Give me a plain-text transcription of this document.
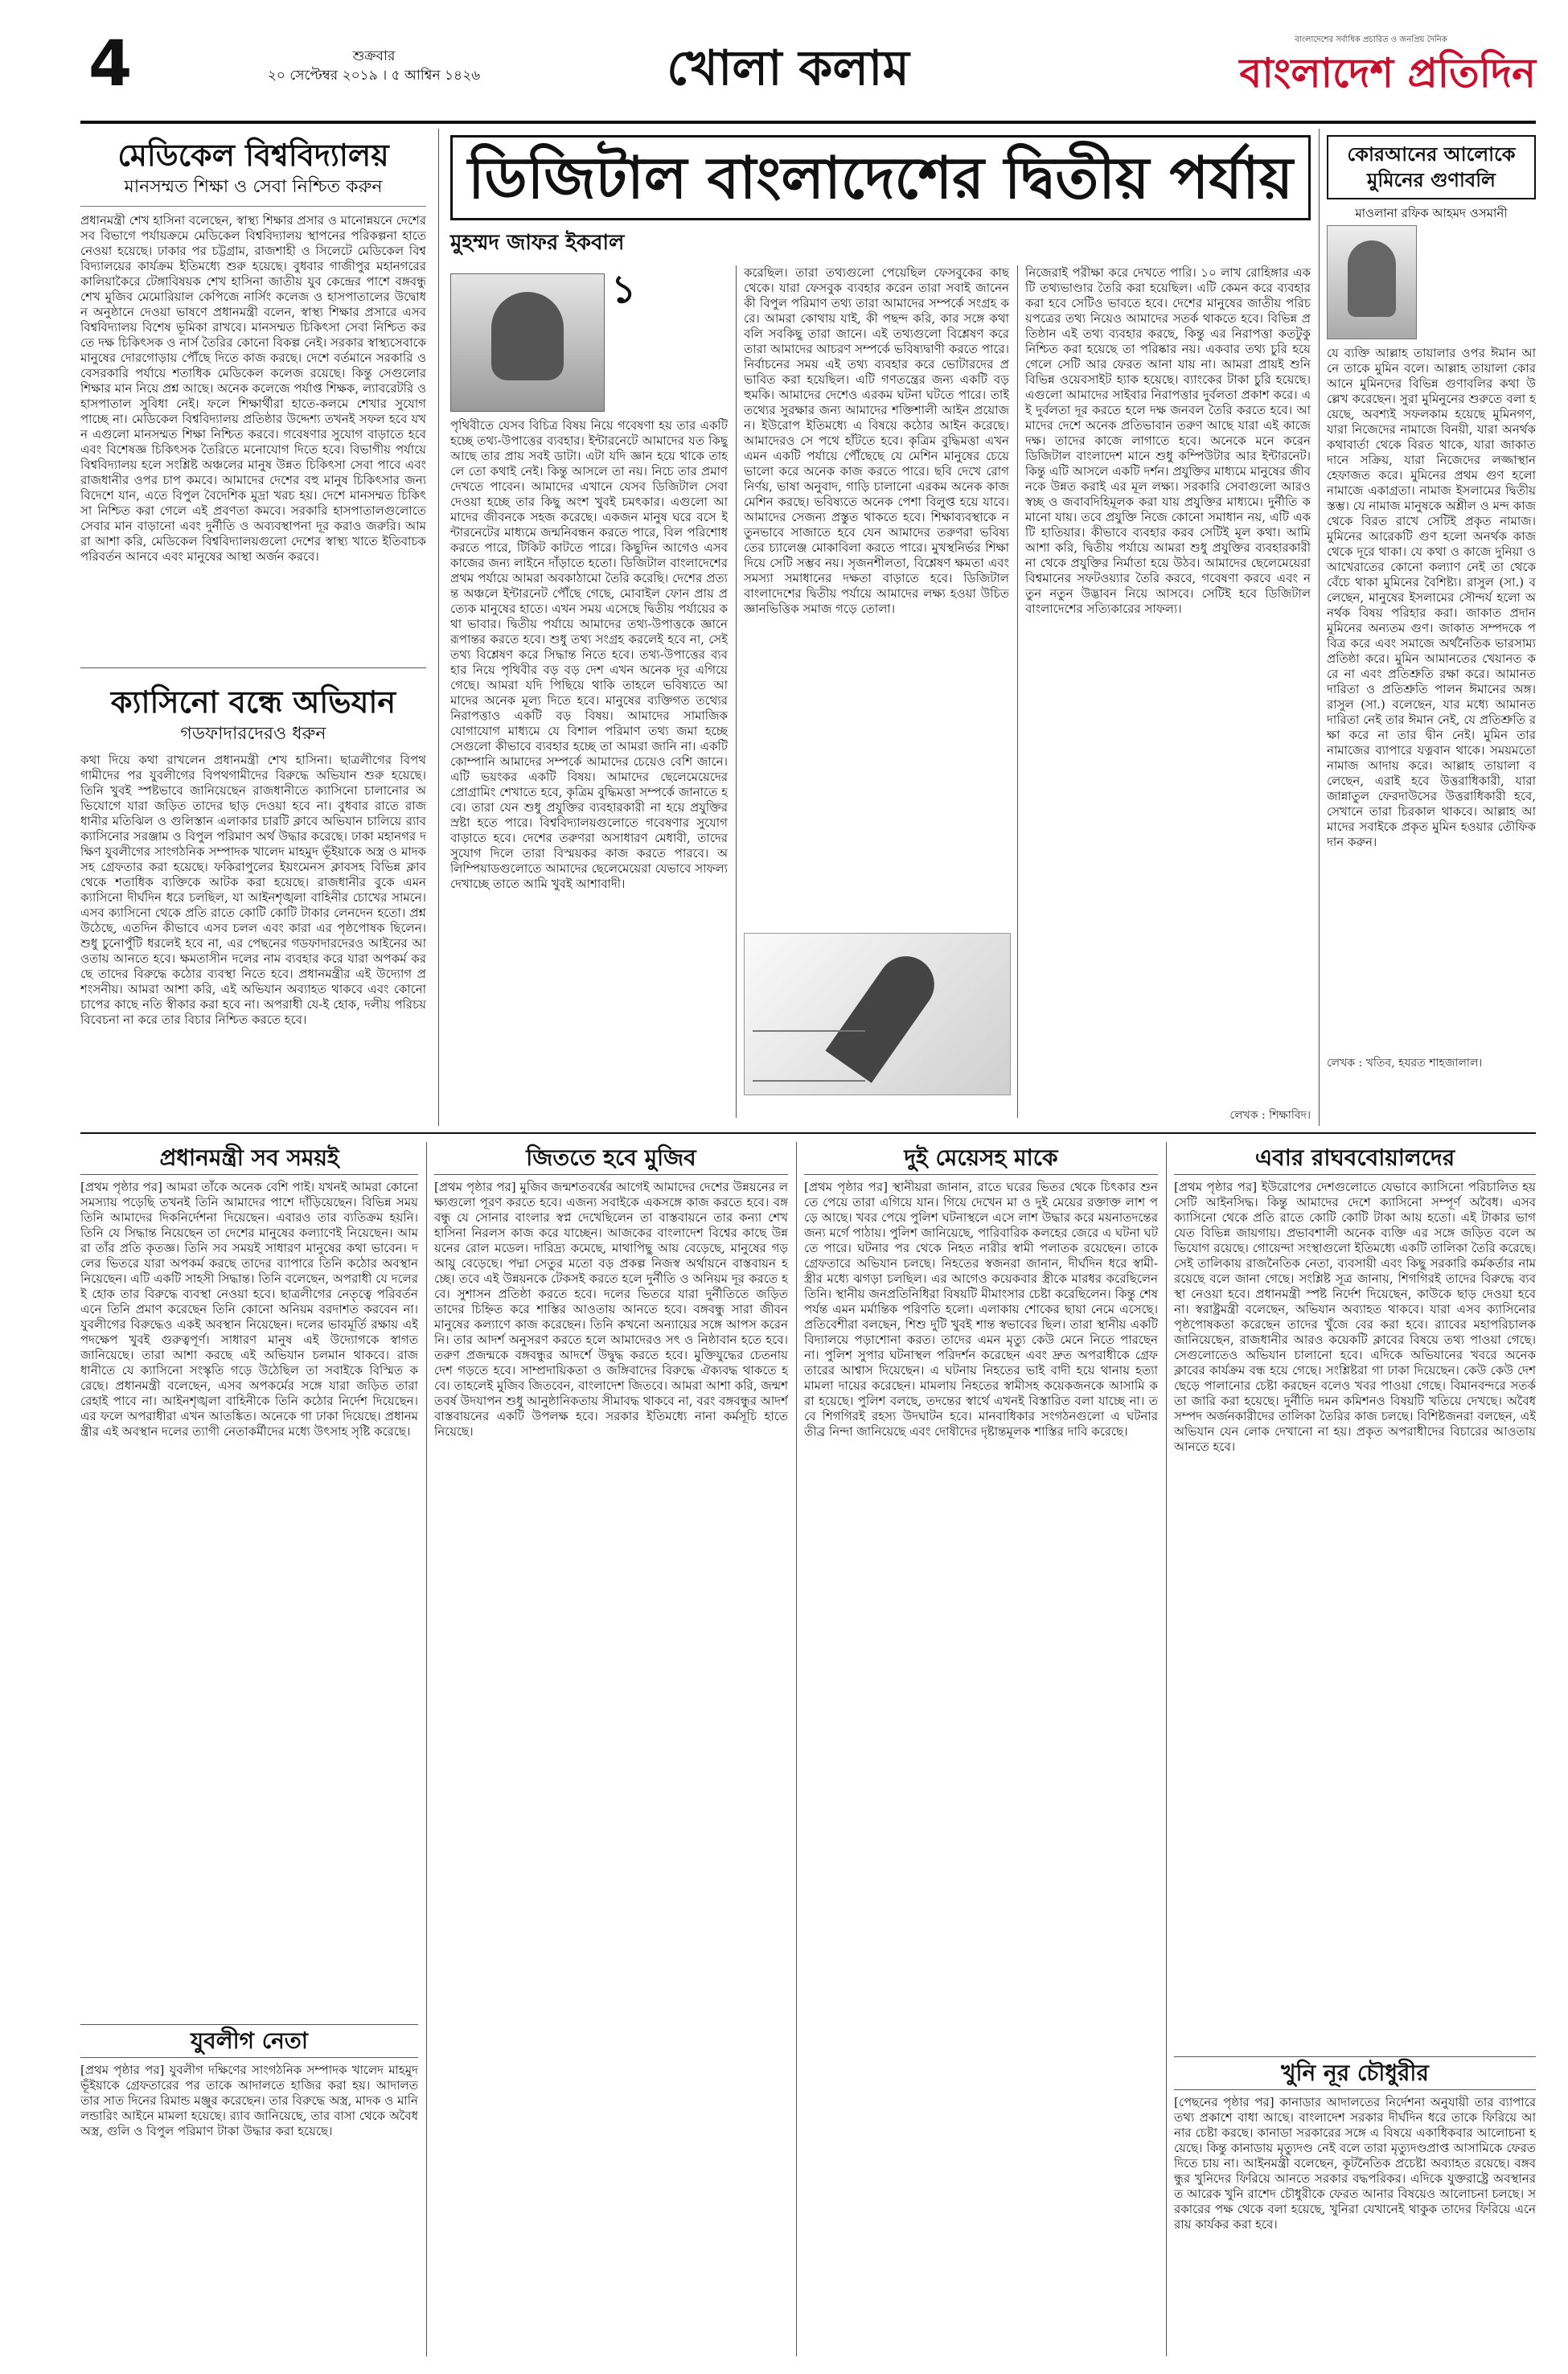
4	শুক্রবার
২০ সেপ্টেম্বর ২০১৯ । ৫ আশ্বিন ১৪২৬	খোলা কলাম
বাংলাদেশের সর্বাধিক প্রচারিত ও জনপ্রিয় দৈনিক
বাংলাদেশ প্রতিদিন
মেডিকেল বিশ্ববিদ্যালয়
মানসম্মত শিক্ষা ও সেবা নিশ্চিত করুন
প্রধানমন্ত্রী শেখ হাসিনা বলেছেন, স্বাস্থ্য শিক্ষার প্রসার ও মানোন্নয়নে দেশের সব বিভাগে পর্যায়ক্রমে মেডিকেল বিশ্ববিদ্যালয় স্থাপনের পরিকল্পনা হাতে নেওয়া হয়েছে। ঢাকার পর চট্টগ্রাম, রাজশাহী ও সিলেটে মেডিকেল বিশ্ববিদ্যালয়ের কার্যক্রম ইতিমধ্যে শুরু হয়েছে। বুধবার গাজীপুর মহানগরের কালিয়াকৈরে টেঙ্গাবিষয়ক শেখ হাসিনা জাতীয় যুব কেন্দ্রের পাশে বঙ্গবন্ধু শেখ মুজিব মেমোরিয়াল কেপিজে নার্সিং কলেজ ও হাসপাতালের উদ্বোধন অনুষ্ঠানে দেওয়া ভাষণে প্রধানমন্ত্রী বলেন, স্বাস্থ্য শিক্ষার প্রসারে এসব বিশ্ববিদ্যালয় বিশেষ ভূমিকা রাখবে। মানসম্মত চিকিৎসা সেবা নিশ্চিত করতে দক্ষ চিকিৎসক ও নার্স তৈরির কোনো বিকল্প নেই। সরকার স্বাস্থ্যসেবাকে মানুষের দোরগোড়ায় পৌঁছে দিতে কাজ করছে। দেশে বর্তমানে সরকারি ও বেসরকারি পর্যায়ে শতাধিক মেডিকেল কলেজ রয়েছে। কিন্তু সেগুলোর শিক্ষার মান নিয়ে প্রশ্ন আছে। অনেক কলেজে পর্যাপ্ত শিক্ষক, ল্যাবরেটরি ও হাসপাতাল সুবিধা নেই। ফলে শিক্ষার্থীরা হাতে-কলমে শেখার সুযোগ পাচ্ছে না। মেডিকেল বিশ্ববিদ্যালয় প্রতিষ্ঠার উদ্দেশ্য তখনই সফল হবে যখন এগুলো মানসম্মত শিক্ষা নিশ্চিত করবে। গবেষণার সুযোগ বাড়াতে হবে এবং বিশেষজ্ঞ চিকিৎসক তৈরিতে মনোযোগ দিতে হবে। বিভাগীয় পর্যায়ে বিশ্ববিদ্যালয় হলে সংশ্লিষ্ট অঞ্চলের মানুষ উন্নত চিকিৎসা সেবা পাবে এবং রাজধানীর ওপর চাপ কমবে। আমাদের দেশের বহু মানুষ চিকিৎসার জন্য বিদেশে যান, এতে বিপুল বৈদেশিক মুদ্রা খরচ হয়। দেশে মানসম্মত চিকিৎসা নিশ্চিত করা গেলে এই প্রবণতা কমবে। সরকারি হাসপাতালগুলোতে সেবার মান বাড়ানো এবং দুর্নীতি ও অব্যবস্থাপনা দূর করাও জরুরি। আমরা আশা করি, মেডিকেল বিশ্ববিদ্যালয়গুলো দেশের স্বাস্থ্য খাতে ইতিবাচক পরিবর্তন আনবে এবং মানুষের আস্থা অর্জন করবে।
ক্যাসিনো বন্ধে অভিযান
গডফাদারদেরও ধরুন
কথা দিয়ে কথা রাখলেন প্রধানমন্ত্রী শেখ হাসিনা। ছাত্রলীগের বিপথগামীদের পর যুবলীগের বিপথগামীদের বিরুদ্ধে অভিযান শুরু হয়েছে। তিনি খুবই স্পষ্টভাবে জানিয়েছেন রাজধানীতে ক্যাসিনো চালানোর অভিযোগে যারা জড়িত তাদের ছাড় দেওয়া হবে না। বুধবার রাতে রাজধানীর মতিঝিল ও গুলিস্তান এলাকার চারটি ক্লাবে অভিযান চালিয়ে র‍্যাব ক্যাসিনোর সরঞ্জাম ও বিপুল পরিমাণ অর্থ উদ্ধার করেছে। ঢাকা মহানগর দক্ষিণ যুবলীগের সাংগঠনিক সম্পাদক খালেদ মাহমুদ ভূঁইয়াকে অস্ত্র ও মাদকসহ গ্রেফতার করা হয়েছে। ফকিরাপুলের ইয়ংমেনস ক্লাবসহ বিভিন্ন ক্লাব থেকে শতাধিক ব্যক্তিকে আটক করা হয়েছে। রাজধানীর বুকে এমন ক্যাসিনো দীর্ঘদিন ধরে চলছিল, যা আইনশৃঙ্খলা বাহিনীর চোখের সামনে। এসব ক্যাসিনো থেকে প্রতি রাতে কোটি কোটি টাকার লেনদেন হতো। প্রশ্ন উঠেছে, এতদিন কীভাবে এসব চলল এবং কারা এর পৃষ্ঠপোষক ছিলেন। শুধু চুনোপুঁটি ধরলেই হবে না, এর পেছনের গডফাদারদেরও আইনের আওতায় আনতে হবে। ক্ষমতাসীন দলের নাম ব্যবহার করে যারা অপকর্ম করছে তাদের বিরুদ্ধে কঠোর ব্যবস্থা নিতে হবে। প্রধানমন্ত্রীর এই উদ্যোগ প্রশংসনীয়। আমরা আশা করি, এই অভিযান অব্যাহত থাকবে এবং কোনো চাপের কাছে নতি স্বীকার করা হবে না। অপরাধী যে-ই হোক, দলীয় পরিচয় বিবেচনা না করে তার বিচার নিশ্চিত করতে হবে।
ডিজিটাল বাংলাদেশের দ্বিতীয় পর্যায়
মুহম্মদ জাফর ইকবাল
১
পৃথিবীতে যেসব বিচিত্র বিষয় নিয়ে গবেষণা হয় তার একটি হচ্ছে তথ্য-উপাত্তের ব্যবহার। ইন্টারনেটে আমাদের যত কিছু আছে তার প্রায় সবই ডাটা। এটা যদি জ্ঞান হয়ে থাকে তাহলে তো কথাই নেই। কিন্তু আসলে তা নয়। নিচে তার প্রমাণ দেখতে পাবেন। আমাদের এখানে যেসব ডিজিটাল সেবা দেওয়া হচ্ছে তার কিছু অংশ খুবই চমৎকার। এগুলো আমাদের জীবনকে সহজ করেছে। একজন মানুষ ঘরে বসে ইন্টারনেটের মাধ্যমে জন্মনিবন্ধন করতে পারে, বিল পরিশোধ করতে পারে, টিকিট কাটতে পারে। কিছুদিন আগেও এসব কাজের জন্য লাইনে দাঁড়াতে হতো। ডিজিটাল বাংলাদেশের প্রথম পর্যায়ে আমরা অবকাঠামো তৈরি করেছি। দেশের প্রত্যন্ত অঞ্চলে ইন্টারনেট পৌঁছে গেছে, মোবাইল ফোন প্রায় প্রত্যেক মানুষের হাতে। এখন সময় এসেছে দ্বিতীয় পর্যায়ের কথা ভাবার। দ্বিতীয় পর্যায়ে আমাদের তথ্য-উপাত্তকে জ্ঞানে রূপান্তর করতে হবে। শুধু তথ্য সংগ্রহ করলেই হবে না, সেই তথ্য বিশ্লেষণ করে সিদ্ধান্ত নিতে হবে। তথ্য-উপাত্তের ব্যবহার নিয়ে পৃথিবীর বড় বড় দেশ এখন অনেক দূর এগিয়ে গেছে। আমরা যদি পিছিয়ে থাকি তাহলে ভবিষ্যতে আমাদের অনেক মূল্য দিতে হবে। মানুষের ব্যক্তিগত তথ্যের নিরাপত্তাও একটি বড় বিষয়। আমাদের সামাজিক যোগাযোগ মাধ্যমে যে বিশাল পরিমাণ তথ্য জমা হচ্ছে সেগুলো কীভাবে ব্যবহার হচ্ছে তা আমরা জানি না। একটি কোম্পানি আমাদের সম্পর্কে আমাদের চেয়েও বেশি জানে। এটি ভয়ংকর একটি বিষয়। আমাদের ছেলেমেয়েদের প্রোগ্রামিং শেখাতে হবে, কৃত্রিম বুদ্ধিমত্তা সম্পর্কে জানাতে হবে। তারা যেন শুধু প্রযুক্তির ব্যবহারকারী না হয়ে প্রযুক্তির স্রষ্টা হতে পারে। বিশ্ববিদ্যালয়গুলোতে গবেষণার সুযোগ বাড়াতে হবে। দেশের তরুণরা অসাধারণ মেধাবী, তাদের সুযোগ দিলে তারা বিস্ময়কর কাজ করতে পারবে। অলিম্পিয়াডগুলোতে আমাদের ছেলেমেয়েরা যেভাবে সাফল্য দেখাচ্ছে তাতে আমি খুবই আশাবাদী।
করেছিল। তারা তথ্যগুলো পেয়েছিল ফেসবুকের কাছ থেকে। যারা ফেসবুক ব্যবহার করেন তারা সবাই জানেন কী বিপুল পরিমাণ তথ্য তারা আমাদের সম্পর্কে সংগ্রহ করে। আমরা কোথায় যাই, কী পছন্দ করি, কার সঙ্গে কথা বলি সবকিছু তারা জানে। এই তথ্যগুলো বিশ্লেষণ করে তারা আমাদের আচরণ সম্পর্কে ভবিষ্যদ্বাণী করতে পারে। নির্বাচনের সময় এই তথ্য ব্যবহার করে ভোটারদের প্রভাবিত করা হয়েছিল। এটি গণতন্ত্রের জন্য একটি বড় হুমকি। আমাদের দেশেও এরকম ঘটনা ঘটতে পারে। তাই তথ্যের সুরক্ষার জন্য আমাদের শক্তিশালী আইন প্রয়োজন। ইউরোপ ইতিমধ্যে এ বিষয়ে কঠোর আইন করেছে। আমাদেরও সে পথে হাঁটতে হবে। কৃত্রিম বুদ্ধিমত্তা এখন এমন একটি পর্যায়ে পৌঁছেছে যে মেশিন মানুষের চেয়ে ভালো করে অনেক কাজ করতে পারে। ছবি দেখে রোগ নির্ণয়, ভাষা অনুবাদ, গাড়ি চালানো এরকম অনেক কাজ মেশিন করছে। ভবিষ্যতে অনেক পেশা বিলুপ্ত হয়ে যাবে। আমাদের সেজন্য প্রস্তুত থাকতে হবে। শিক্ষাব্যবস্থাকে নতুনভাবে সাজাতে হবে যেন আমাদের তরুণরা ভবিষ্যতের চ্যালেঞ্জ মোকাবিলা করতে পারে। মুখস্থনির্ভর শিক্ষা দিয়ে সেটি সম্ভব নয়। সৃজনশীলতা, বিশ্লেষণ ক্ষমতা এবং সমস্যা সমাধানের দক্ষতা বাড়াতে হবে। ডিজিটাল বাংলাদেশের দ্বিতীয় পর্যায়ে আমাদের লক্ষ্য হওয়া উচিত জ্ঞানভিত্তিক সমাজ গড়ে তোলা।
নিজেরাই পরীক্ষা করে দেখতে পারি। ১০ লাখ রোহিঙ্গার একটি তথ্যভাণ্ডার তৈরি করা হয়েছিল। এটি কেমন করে ব্যবহার করা হবে সেটিও ভাবতে হবে। দেশের মানুষের জাতীয় পরিচয়পত্রের তথ্য নিয়েও আমাদের সতর্ক থাকতে হবে। বিভিন্ন প্রতিষ্ঠান এই তথ্য ব্যবহার করছে, কিন্তু এর নিরাপত্তা কতটুকু নিশ্চিত করা হয়েছে তা পরিষ্কার নয়। একবার তথ্য চুরি হয়ে গেলে সেটি আর ফেরত আনা যায় না। আমরা প্রায়ই শুনি বিভিন্ন ওয়েবসাইট হ্যাক হয়েছে। ব্যাংকের টাকা চুরি হয়েছে। এগুলো আমাদের সাইবার নিরাপত্তার দুর্বলতা প্রকাশ করে। এই দুর্বলতা দূর করতে হলে দক্ষ জনবল তৈরি করতে হবে। আমাদের দেশে অনেক প্রতিভাবান তরুণ আছে যারা এই কাজে দক্ষ। তাদের কাজে লাগাতে হবে। অনেকে মনে করেন ডিজিটাল বাংলাদেশ মানে শুধু কম্পিউটার আর ইন্টারনেট। কিন্তু এটি আসলে একটি দর্শন। প্রযুক্তির মাধ্যমে মানুষের জীবনকে উন্নত করাই এর মূল লক্ষ্য। সরকারি সেবাগুলো আরও স্বচ্ছ ও জবাবদিহিমূলক করা যায় প্রযুক্তির মাধ্যমে। দুর্নীতি কমানো যায়। তবে প্রযুক্তি নিজে কোনো সমাধান নয়, এটি একটি হাতিয়ার। কীভাবে ব্যবহার করব সেটিই মূল কথা। আমি আশা করি, দ্বিতীয় পর্যায়ে আমরা শুধু প্রযুক্তির ব্যবহারকারী না থেকে প্রযুক্তির নির্মাতা হয়ে উঠব। আমাদের ছেলেমেয়েরা বিশ্বমানের সফটওয়্যার তৈরি করবে, গবেষণা করবে এবং নতুন নতুন উদ্ভাবন নিয়ে আসবে। সেটিই হবে ডিজিটাল বাংলাদেশের সত্যিকারের সাফল্য।
লেখক : শিক্ষাবিদ।
কোরআনের আলোকে মুমিনের গুণাবলি
মাওলানা রফিক আহমদ ওসমানী
যে ব্যক্তি আল্লাহ তায়ালার ওপর ঈমান আনে তাকে মুমিন বলে। আল্লাহ তায়ালা কোরআনে মুমিনদের বিভিন্ন গুণাবলির কথা উল্লেখ করেছেন। সুরা মুমিনুনের শুরুতে বলা হয়েছে, অবশ্যই সফলকাম হয়েছে মুমিনগণ, যারা নিজেদের নামাজে বিনয়ী, যারা অনর্থক কথাবার্তা থেকে বিরত থাকে, যারা জাকাত দানে সক্রিয়, যারা নিজেদের লজ্জাস্থান হেফাজত করে। মুমিনের প্রথম গুণ হলো নামাজে একাগ্রতা। নামাজ ইসলামের দ্বিতীয় স্তম্ভ। যে নামাজ মানুষকে অশ্লীল ও মন্দ কাজ থেকে বিরত রাখে সেটিই প্রকৃত নামাজ। মুমিনের আরেকটি গুণ হলো অনর্থক কাজ থেকে দূরে থাকা। যে কথা ও কাজে দুনিয়া ও আখেরাতের কোনো কল্যাণ নেই তা থেকে বেঁচে থাকা মুমিনের বৈশিষ্ট্য। রাসুল (সা.) বলেছেন, মানুষের ইসলামের সৌন্দর্য হলো অনর্থক বিষয় পরিহার করা। জাকাত প্রদান মুমিনের অন্যতম গুণ। জাকাত সম্পদকে পবিত্র করে এবং সমাজে অর্থনৈতিক ভারসাম্য প্রতিষ্ঠা করে। মুমিন আমানতের খেয়ানত করে না এবং প্রতিশ্রুতি রক্ষা করে। আমানতদারিতা ও প্রতিশ্রুতি পালন ঈমানের অঙ্গ। রাসুল (সা.) বলেছেন, যার মধ্যে আমানতদারিতা নেই তার ঈমান নেই, যে প্রতিশ্রুতি রক্ষা করে না তার দ্বীন নেই। মুমিন তার নামাজের ব্যাপারে যত্নবান থাকে। সময়মতো নামাজ আদায় করে। আল্লাহ তায়ালা বলেছেন, এরাই হবে উত্তরাধিকারী, যারা জান্নাতুল ফেরদাউসের উত্তরাধিকারী হবে, সেখানে তারা চিরকাল থাকবে। আল্লাহ আমাদের সবাইকে প্রকৃত মুমিন হওয়ার তৌফিক দান করুন।
লেখক : খতিব, হযরত শাহজালাল।
প্রধানমন্ত্রী সব সময়ই
[প্রথম পৃষ্ঠার পর] আমরা তাঁকে অনেক বেশি পাই। যখনই আমরা কোনো সমস্যায় পড়েছি তখনই তিনি আমাদের পাশে দাঁড়িয়েছেন। বিভিন্ন সময় তিনি আমাদের দিকনির্দেশনা দিয়েছেন। এবারও তার ব্যতিক্রম হয়নি। তিনি যে সিদ্ধান্ত নিয়েছেন তা দেশের মানুষের কল্যাণেই নিয়েছেন। আমরা তাঁর প্রতি কৃতজ্ঞ। তিনি সব সময়ই সাধারণ মানুষের কথা ভাবেন। দলের ভিতরে যারা অপকর্ম করছে তাদের ব্যাপারে তিনি কঠোর অবস্থান নিয়েছেন। এটি একটি সাহসী সিদ্ধান্ত। তিনি বলেছেন, অপরাধী যে দলেরই হোক তার বিরুদ্ধে ব্যবস্থা নেওয়া হবে। ছাত্রলীগের নেতৃত্বে পরিবর্তন এনে তিনি প্রমাণ করেছেন তিনি কোনো অনিয়ম বরদাশত করবেন না। যুবলীগের বিরুদ্ধেও একই অবস্থান নিয়েছেন। দলের ভাবমূর্তি রক্ষায় এই পদক্ষেপ খুবই গুরুত্বপূর্ণ। সাধারণ মানুষ এই উদ্যোগকে স্বাগত জানিয়েছে। তারা আশা করছে এই অভিযান চলমান থাকবে। রাজধানীতে যে ক্যাসিনো সংস্কৃতি গড়ে উঠেছিল তা সবাইকে বিস্মিত করেছে। প্রধানমন্ত্রী বলেছেন, এসব অপকর্মের সঙ্গে যারা জড়িত তারা রেহাই পাবে না। আইনশৃঙ্খলা বাহিনীকে তিনি কঠোর নির্দেশ দিয়েছেন। এর ফলে অপরাধীরা এখন আতঙ্কিত। অনেকে গা ঢাকা দিয়েছে। প্রধানমন্ত্রীর এই অবস্থান দলের ত্যাগী নেতাকর্মীদের মধ্যে উৎসাহ সৃষ্টি করেছে।
যুবলীগ নেতা
[প্রথম পৃষ্ঠার পর] যুবলীগ দক্ষিণের সাংগঠনিক সম্পাদক খালেদ মাহমুদ ভূঁইয়াকে গ্রেফতারের পর তাকে আদালতে হাজির করা হয়। আদালত তার সাত দিনের রিমান্ড মঞ্জুর করেছেন। তার বিরুদ্ধে অস্ত্র, মাদক ও মানি লন্ডারিং আইনে মামলা হয়েছে। র‍্যাব জানিয়েছে, তার বাসা থেকে অবৈধ অস্ত্র, গুলি ও বিপুল পরিমাণ টাকা উদ্ধার করা হয়েছে।
জিততে হবে মুজিব
[প্রথম পৃষ্ঠার পর] মুজিব জন্মশতবর্ষের আগেই আমাদের দেশের উন্নয়নের লক্ষ্যগুলো পূরণ করতে হবে। এজন্য সবাইকে একসঙ্গে কাজ করতে হবে। বঙ্গবন্ধু যে সোনার বাংলার স্বপ্ন দেখেছিলেন তা বাস্তবায়নে তার কন্যা শেখ হাসিনা নিরলস কাজ করে যাচ্ছেন। আজকের বাংলাদেশ বিশ্বের কাছে উন্নয়নের রোল মডেল। দারিদ্র্য কমেছে, মাথাপিছু আয় বেড়েছে, মানুষের গড় আয়ু বেড়েছে। পদ্মা সেতুর মতো বড় প্রকল্প নিজস্ব অর্থায়নে বাস্তবায়ন হচ্ছে। তবে এই উন্নয়নকে টেকসই করতে হলে দুর্নীতি ও অনিয়ম দূর করতে হবে। সুশাসন প্রতিষ্ঠা করতে হবে। দলের ভিতরে যারা দুর্নীতিতে জড়িত তাদের চিহ্নিত করে শাস্তির আওতায় আনতে হবে। বঙ্গবন্ধু সারা জীবন মানুষের কল্যাণে কাজ করেছেন। তিনি কখনো অন্যায়ের সঙ্গে আপস করেননি। তার আদর্শ অনুসরণ করতে হলে আমাদেরও সৎ ও নিষ্ঠাবান হতে হবে। তরুণ প্রজন্মকে বঙ্গবন্ধুর আদর্শে উদ্বুদ্ধ করতে হবে। মুক্তিযুদ্ধের চেতনায় দেশ গড়তে হবে। সাম্প্রদায়িকতা ও জঙ্গিবাদের বিরুদ্ধে ঐক্যবদ্ধ থাকতে হবে। তাহলেই মুজিব জিতবেন, বাংলাদেশ জিতবে। আমরা আশা করি, জন্মশতবর্ষ উদযাপন শুধু আনুষ্ঠানিকতায় সীমাবদ্ধ থাকবে না, বরং বঙ্গবন্ধুর আদর্শ বাস্তবায়নের একটি উপলক্ষ হবে। সরকার ইতিমধ্যে নানা কর্মসূচি হাতে নিয়েছে।
দুই মেয়েসহ মাকে
[প্রথম পৃষ্ঠার পর] স্থানীয়রা জানান, রাতে ঘরের ভিতর থেকে চিৎকার শুনতে পেয়ে তারা এগিয়ে যান। গিয়ে দেখেন মা ও দুই মেয়ের রক্তাক্ত লাশ পড়ে আছে। খবর পেয়ে পুলিশ ঘটনাস্থলে এসে লাশ উদ্ধার করে ময়নাতদন্তের জন্য মর্গে পাঠায়। পুলিশ জানিয়েছে, পারিবারিক কলহের জেরে এ ঘটনা ঘটতে পারে। ঘটনার পর থেকে নিহত নারীর স্বামী পলাতক রয়েছেন। তাকে গ্রেফতারে অভিযান চলছে। নিহতের স্বজনরা জানান, দীর্ঘদিন ধরে স্বামী-স্ত্রীর মধ্যে ঝগড়া চলছিল। এর আগেও কয়েকবার স্ত্রীকে মারধর করেছিলেন তিনি। স্থানীয় জনপ্রতিনিধিরা বিষয়টি মীমাংসার চেষ্টা করেছিলেন। কিন্তু শেষ পর্যন্ত এমন মর্মান্তিক পরিণতি হলো। এলাকায় শোকের ছায়া নেমে এসেছে। প্রতিবেশীরা বলছেন, শিশু দুটি খুবই শান্ত স্বভাবের ছিল। তারা স্থানীয় একটি বিদ্যালয়ে পড়াশোনা করত। তাদের এমন মৃত্যু কেউ মেনে নিতে পারছেন না। পুলিশ সুপার ঘটনাস্থল পরিদর্শন করেছেন এবং দ্রুত অপরাধীকে গ্রেফতারের আশ্বাস দিয়েছেন। এ ঘটনায় নিহতের ভাই বাদী হয়ে থানায় হত্যা মামলা দায়ের করেছেন। মামলায় নিহতের স্বামীসহ কয়েকজনকে আসামি করা হয়েছে। পুলিশ বলছে, তদন্তের স্বার্থে এখনই বিস্তারিত বলা যাচ্ছে না। তবে শিগগিরই রহস্য উদঘাটন হবে। মানবাধিকার সংগঠনগুলো এ ঘটনার তীব্র নিন্দা জানিয়েছে এবং দোষীদের দৃষ্টান্তমূলক শাস্তির দাবি করেছে।
এবার রাঘববোয়ালদের
[প্রথম পৃষ্ঠার পর] ইউরোপের দেশগুলোতে যেভাবে ক্যাসিনো পরিচালিত হয় সেটি আইনসিদ্ধ। কিন্তু আমাদের দেশে ক্যাসিনো সম্পূর্ণ অবৈধ। এসব ক্যাসিনো থেকে প্রতি রাতে কোটি কোটি টাকা আয় হতো। এই টাকার ভাগ যেত বিভিন্ন জায়গায়। প্রভাবশালী অনেক ব্যক্তি এর সঙ্গে জড়িত বলে অভিযোগ রয়েছে। গোয়েন্দা সংস্থাগুলো ইতিমধ্যে একটি তালিকা তৈরি করেছে। সেই তালিকায় রাজনৈতিক নেতা, ব্যবসায়ী এবং কিছু সরকারি কর্মকর্তার নাম রয়েছে বলে জানা গেছে। সংশ্লিষ্ট সূত্র জানায়, শিগগিরই তাদের বিরুদ্ধে ব্যবস্থা নেওয়া হবে। প্রধানমন্ত্রী স্পষ্ট নির্দেশ দিয়েছেন, কাউকে ছাড় দেওয়া হবে না। স্বরাষ্ট্রমন্ত্রী বলেছেন, অভিযান অব্যাহত থাকবে। যারা এসব ক্যাসিনোর পৃষ্ঠপোষকতা করেছেন তাদের খুঁজে বের করা হবে। র‍্যাবের মহাপরিচালক জানিয়েছেন, রাজধানীর আরও কয়েকটি ক্লাবের বিষয়ে তথ্য পাওয়া গেছে। সেগুলোতেও অভিযান চালানো হবে। এদিকে অভিযানের খবরে অনেক ক্লাবের কার্যক্রম বন্ধ হয়ে গেছে। সংশ্লিষ্টরা গা ঢাকা দিয়েছেন। কেউ কেউ দেশ ছেড়ে পালানোর চেষ্টা করছেন বলেও খবর পাওয়া গেছে। বিমানবন্দরে সতর্কতা জারি করা হয়েছে। দুর্নীতি দমন কমিশনও বিষয়টি খতিয়ে দেখছে। অবৈধ সম্পদ অর্জনকারীদের তালিকা তৈরির কাজ চলছে। বিশিষ্টজনরা বলছেন, এই অভিযান যেন লোক দেখানো না হয়। প্রকৃত অপরাধীদের বিচারের আওতায় আনতে হবে।
খুনি নূর চৌধুরীর
[পেছনের পৃষ্ঠার পর] কানাডার আদালতের নির্দেশনা অনুযায়ী তার ব্যাপারে তথ্য প্রকাশে বাধা আছে। বাংলাদেশ সরকার দীর্ঘদিন ধরে তাকে ফিরিয়ে আনার চেষ্টা করছে। কানাডা সরকারের সঙ্গে এ বিষয়ে একাধিকবার আলোচনা হয়েছে। কিন্তু কানাডায় মৃত্যুদণ্ড নেই বলে তারা মৃত্যুদণ্ডপ্রাপ্ত আসামিকে ফেরত দিতে চায় না। আইনমন্ত্রী বলেছেন, কূটনৈতিক প্রচেষ্টা অব্যাহত রয়েছে। বঙ্গবন্ধুর খুনিদের ফিরিয়ে আনতে সরকার বদ্ধপরিকর। এদিকে যুক্তরাষ্ট্রে অবস্থানরত আরেক খুনি রাশেদ চৌধুরীকে ফেরত আনার বিষয়েও আলোচনা চলছে। সরকারের পক্ষ থেকে বলা হয়েছে, খুনিরা যেখানেই থাকুক তাদের ফিরিয়ে এনে রায় কার্যকর করা হবে।
